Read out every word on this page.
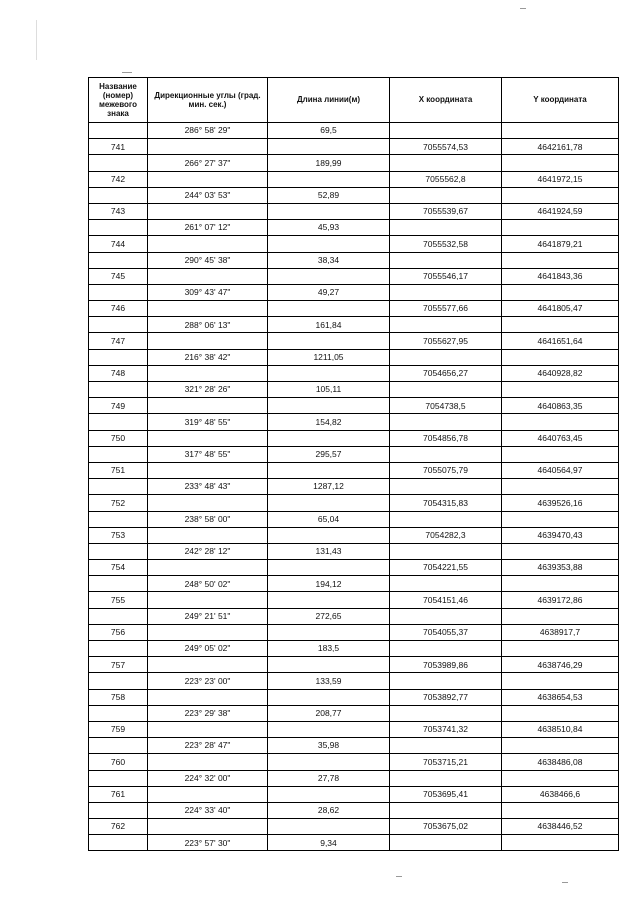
Название (номер) межевого знака	Дирекционные углы (град. мин. сек.)	Длина линии(м)	X координата	Y координата
	286° 58' 29"	69,5		
741			7055574,53	4642161,78
	266° 27' 37"	189,99		
742			7055562,8	4641972,15
	244° 03' 53"	52,89		
743			7055539,67	4641924,59
	261° 07' 12"	45,93		
744			7055532,58	4641879,21
	290° 45' 38"	38,34		
745			7055546,17	4641843,36
	309° 43' 47"	49,27		
746			7055577,66	4641805,47
	288° 06' 13"	161,84		
747			7055627,95	4641651,64
	216° 38' 42"	1211,05		
748			7054656,27	4640928,82
	321° 28' 26"	105,11		
749			7054738,5	4640863,35
	319° 48' 55"	154,82		
750			7054856,78	4640763,45
	317° 48' 55"	295,57		
751			7055075,79	4640564,97
	233° 48' 43"	1287,12		
752			7054315,83	4639526,16
	238° 58' 00"	65,04		
753			7054282,3	4639470,43
	242° 28' 12"	131,43		
754			7054221,55	4639353,88
	248° 50' 02"	194,12		
755			7054151,46	4639172,86
	249° 21' 51"	272,65		
756			7054055,37	4638917,7
	249° 05' 02"	183,5		
757			7053989,86	4638746,29
	223° 23' 00"	133,59		
758			7053892,77	4638654,53
	223° 29' 38"	208,77		
759			7053741,32	4638510,84
	223° 28' 47"	35,98		
760			7053715,21	4638486,08
	224° 32' 00"	27,78		
761			7053695,41	4638466,6
	224° 33' 40"	28,62		
762			7053675,02	4638446,52
	223° 57' 30"	9,34		
